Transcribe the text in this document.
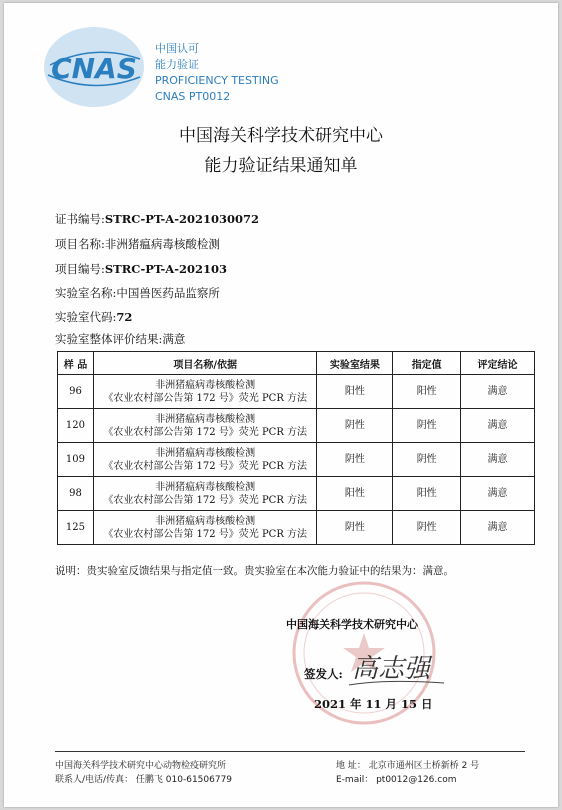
CNAS
中国认可
能力验证
PROFICIENCY TESTING
CNAS PT0012
中国海关科学技术研究中心
能力验证结果通知单
证书编号:STRC-PT-A-2021030072
项目名称:非洲猪瘟病毒核酸检测
项目编号:STRC-PT-A-202103
实验室名称:中国兽医药品监察所
实验室代码:72
实验室整体评价结果:满意
样 品	项目名称/依据	实验室结果	指定值	评定结论
96	非洲猪瘟病毒核酸检测
《农业农村部公告第 172 号》荧光 PCR 方法	阳性	阳性	满意
120	非洲猪瘟病毒核酸检测
《农业农村部公告第 172 号》荧光 PCR 方法	阴性	阴性	满意
109	非洲猪瘟病毒核酸检测
《农业农村部公告第 172 号》荧光 PCR 方法	阴性	阴性	满意
98	非洲猪瘟病毒核酸检测
《农业农村部公告第 172 号》荧光 PCR 方法	阳性	阳性	满意
125	非洲猪瘟病毒核酸检测
《农业农村部公告第 172 号》荧光 PCR 方法	阴性	阴性	满意
说明：贵实验室反馈结果与指定值一致。贵实验室在本次能力验证中的结果为：满意。
中国海关科学技术研究中心
签发人: 高志强
2021 年 11 月 15 日
中国海关科学技术研究中心动物检疫研究所
联系人/电话/传真： 任鹏飞 010-61506779
地 址： 北京市通州区土桥新桥 2 号
E-mail： pt0012@126.com
